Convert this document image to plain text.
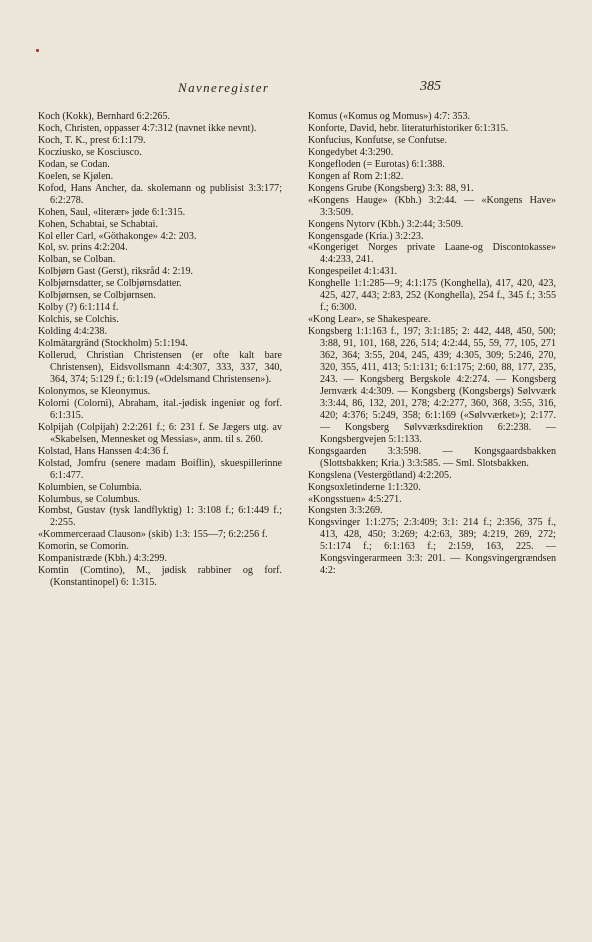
Navneregister	385

Koch (Kokk), Bernhard 6:2:265.

Koch, Christen, oppasser 4:7:312 (navnet ikke nevnt).

Koch, T. K., prest 6:1:179.

Kocziusko, se Kosciusco.

Kodan, se Codan.

Koelen, se Kjølen.

Kofod, Hans Ancher, da. skolemann og publisist 3:3:177; 6:2:278.

Kohen, Saul, «literær» jøde 6:1:315.

Kohen, Schabtai, se Schabtai.

Kol eller Carl, «Göthakonge» 4:2: 203.

Kol, sv. prins 4:2:204.

Kolban, se Colban.

Kolbjørn Gast (Gerst), riksråd 4: 2:19.

Kolbjørnsdatter, se Colbjørnsdatter.

Kolbjørnsen, se Colbjørnsen.

Kolby (?) 6:1:114 f.

Kolchis, se Colchis.

Kolding 4:4:238.

Kolmätargränd (Stockholm) 5:1:194.

Kollerud, Christian Christensen (er ofte kalt bare Christensen), Eidsvollsmann 4:4:307, 333, 337, 340, 364, 374; 5:129 f.; 6:1:19 («Odelsmand Christensen»).

Kolonymos, se Kleonymus.

Kolorni (Colorni), Abraham, ital.-jødisk ingeniør og forf. 6:1:315.

Kolpijah (Colpijah) 2:2:261 f.; 6: 231 f. Se Jægers utg. av «Skabelsen, Mennesket og Messias», anm. til s. 260.

Kolstad, Hans Hanssen 4:4:36 f.

Kolstad, Jomfru (senere madam Boiflin), skuespillerinne 6:1:477.

Kolumbien, se Columbia.

Kolumbus, se Columbus.

Kombst, Gustav (tysk landflyktig) 1: 3:108 f.; 6:1:449 f.; 2:255.

«Kommerceraad Clauson» (skib) 1:3: 155—7; 6:2:256 f.

Komorin, se Comorin.

Kompanistræde (Kbh.) 4:3:299.

Komtin (Comtino), M., jødisk rabbiner og forf. (Konstantinopel) 6: 1:315.

Komus («Komus og Momus») 4:7: 353.

Konforte, David, hebr. literaturhistoriker 6:1:315.

Konfucius, Konfutse, se Confutse.

Kongedybet 4:3:290.

Kongefloden (= Eurotas) 6:1:388.

Kongen af Rom 2:1:82.

Kongens Grube (Kongsberg) 3:3: 88, 91.

«Kongens Hauge» (Kbh.) 3:2:44. — «Kongens Have» 3:3:509.

Kongens Nytorv (Kbh.) 3:2:44; 3:509.

Kongensgade (Kria.) 3:2:23.

«Kongeriget Norges private Laane-og Discontokasse» 4:4:233, 241.

Kongespeilet 4:1:431.

Konghelle 1:1:285—9; 4:1:175 (Konghella), 417, 420, 423, 425, 427, 443; 2:83, 252 (Konghella), 254 f., 345 f.; 3:55 f.; 6:300.

«Kong Lear», se Shakespeare.

Kongsberg 1:1:163 f., 197; 3:1:185; 2: 442, 448, 450, 500; 3:88, 91, 101, 168, 226, 514; 4:2:44, 55, 59, 77, 105, 271 362, 364; 3:55, 204, 245, 439; 4:305, 309; 5:246, 270, 320, 355, 411, 413; 5:1:131; 6:1:175; 2:60, 88, 177, 235, 243. — Kongsberg Bergskole 4:2:274. — Kongsberg Jernværk 4:4:309. — Kongsberg (Kongsbergs) Sølvværk 3:3:44, 86, 132, 201, 278; 4:2:277, 360, 368, 3:55, 316, 420; 4:376; 5:249, 358; 6:1:169 («Sølvværket»); 2:177. — Kongsberg Sølvværksdirektion 6:2:238. — Kongsbergvejen 5:1:133.

Kongsgaarden 3:3:598. — Kongsgaardsbakken (Slottsbakken; Kria.) 3:3:585. — Sml. Slotsbakken.

Kongslena (Vestergötland) 4:2:205.

Kongsoxletinderne 1:1:320.

«Kongsstuen» 4:5:271.

Kongsten 3:3:269.

Kongsvinger 1:1:275; 2:3:409; 3:1: 214 f.; 2:356, 375 f., 413, 428, 450; 3:269; 4:2:63, 389; 4:219, 269, 272; 5:1:174 f.; 6:1:163 f.; 2:159, 163, 225. — Kongsvingerarmeen 3:3: 201. — Kongsvingergrændsen 4:2:
